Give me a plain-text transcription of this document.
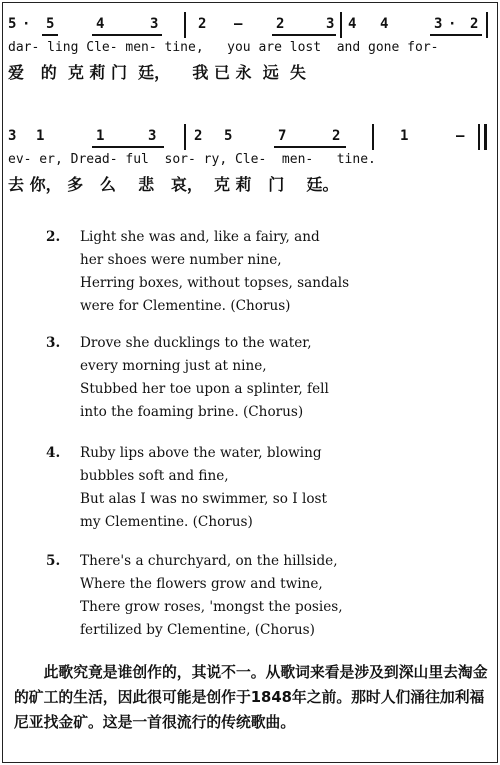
5 · 5	4	3	2 – 2	3 4 4	3 · 2
dar- ling Cle- men- tine,   you are lost  and gone for-
爱   的  克 莉 门  廷，    我 已 永  远  失
3 1	1	3	2 5	7	2	1	–
ev- er, Dread- ful  sor- ry, Cle-  men-   tine.
去 你， 多   么    悲   哀，  克 莉   门    廷。
2. Light she was and, like a fairy, and
her shoes were number nine,
Herring boxes, without topses, sandals
were for Clementine. (Chorus)
3. Drove she ducklings to the water,
every morning just at nine,
Stubbed her toe upon a splinter, fell
into the foaming brine. (Chorus)
4. Ruby lips above the water, blowing
bubbles soft and fine,
But alas I was no swimmer, so I lost
my Clementine. (Chorus)
5. There's a churchyard, on the hillside,
Where the flowers grow and twine,
There grow roses, 'mongst the posies,
fertilized by Clementine, (Chorus)
此歌究竟是谁创作的，其说不一。从歌词来看是涉及到深山里去淘金的矿工的生活，因此很可能是创作于1848年之前。那时人们涌往加利福尼亚找金矿。这是一首很流行的传统歌曲。
